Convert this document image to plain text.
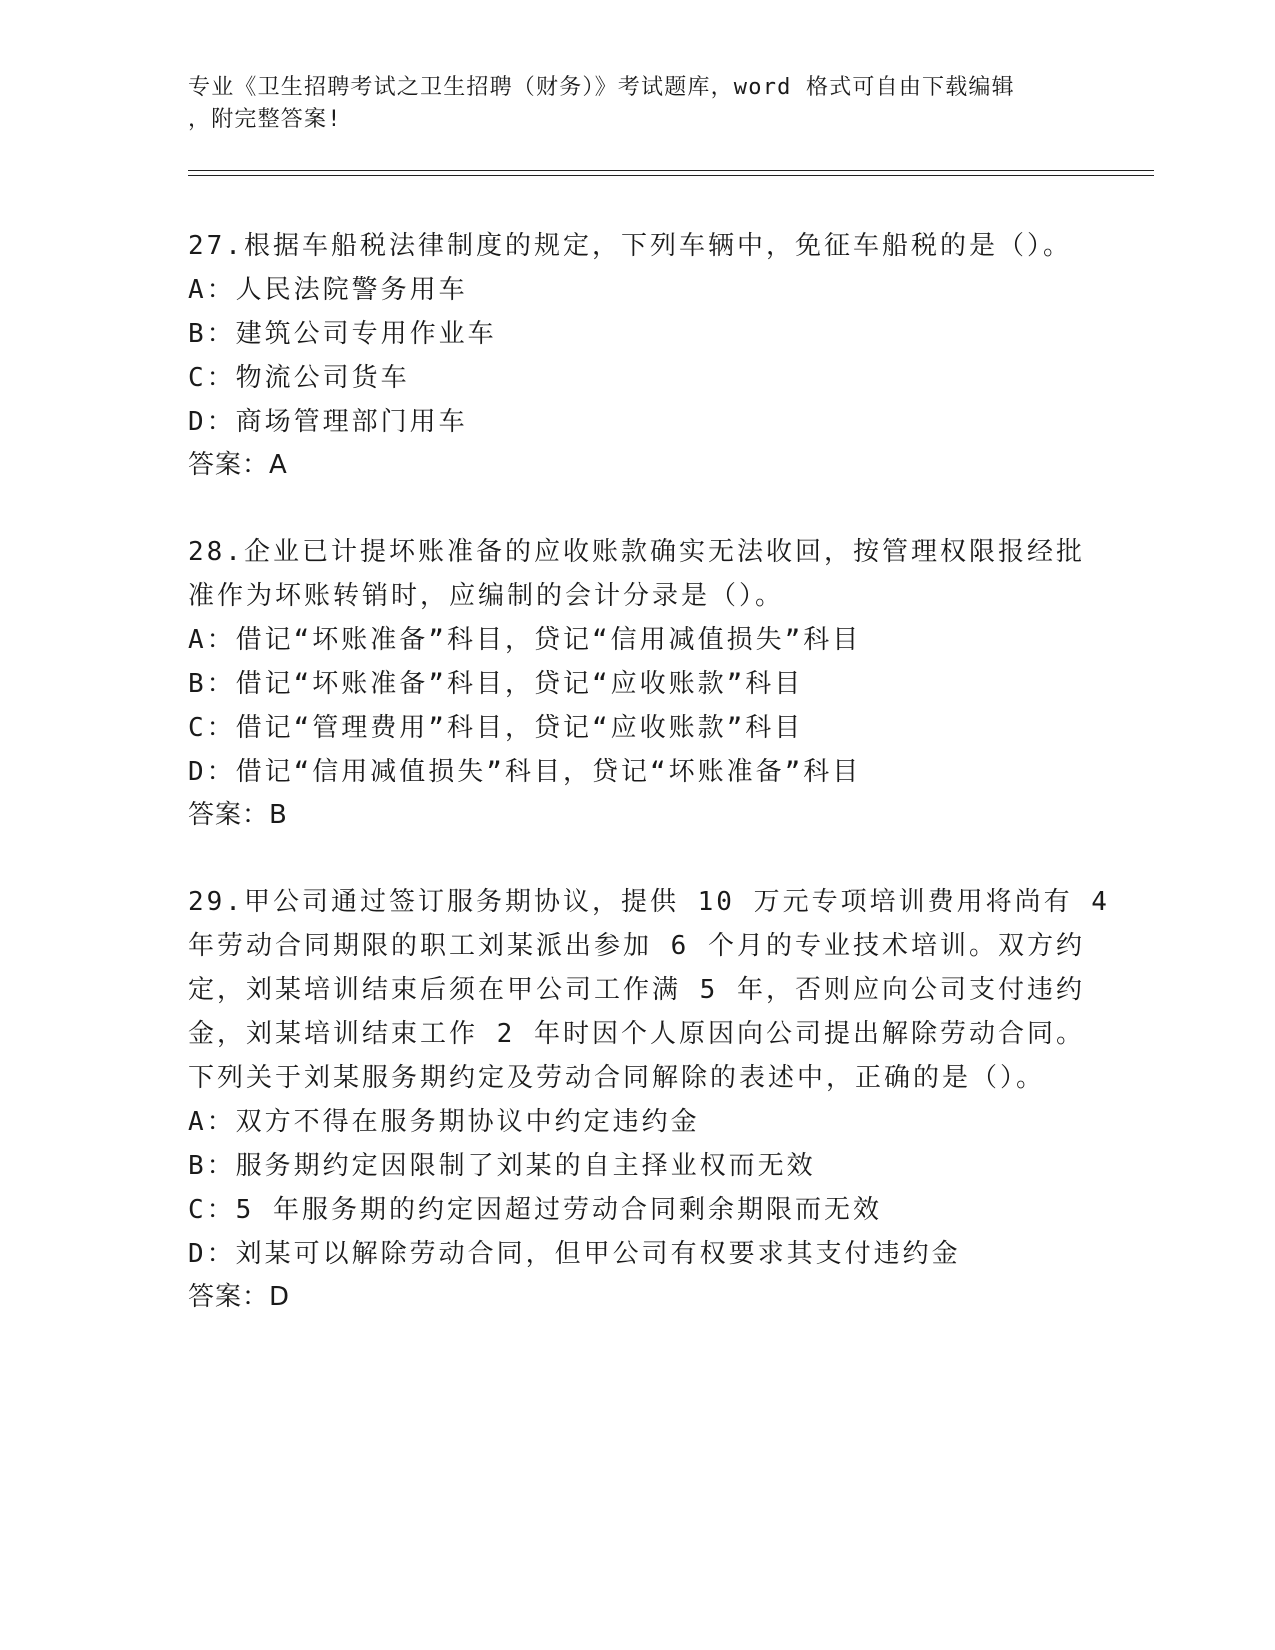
专业《卫生招聘考试之卫生招聘（财务）》考试题库，word 格式可自由下载编辑
，附完整答案!
27.根据车船税法律制度的规定，下列车辆中，免征车船税的是（）。
A：人民法院警务用车
B：建筑公司专用作业车
C：物流公司货车
D：商场管理部门用车
答案：A
28.企业已计提坏账准备的应收账款确实无法收回，按管理权限报经批
准作为坏账转销时，应编制的会计分录是（）。
A：借记“坏账准备”科目，贷记“信用减值损失”科目
B：借记“坏账准备”科目，贷记“应收账款”科目
C：借记“管理费用”科目，贷记“应收账款”科目
D：借记“信用减值损失”科目，贷记“坏账准备”科目
答案：B
29.甲公司通过签订服务期协议，提供 10 万元专项培训费用将尚有 4
年劳动合同期限的职工刘某派出参加 6 个月的专业技术培训。双方约
定，刘某培训结束后须在甲公司工作满 5 年，否则应向公司支付违约
金，刘某培训结束工作 2 年时因个人原因向公司提出解除劳动合同。
下列关于刘某服务期约定及劳动合同解除的表述中，正确的是（）。
A：双方不得在服务期协议中约定违约金
B：服务期约定因限制了刘某的自主择业权而无效
C：5 年服务期的约定因超过劳动合同剩余期限而无效
D：刘某可以解除劳动合同，但甲公司有权要求其支付违约金
答案：D
